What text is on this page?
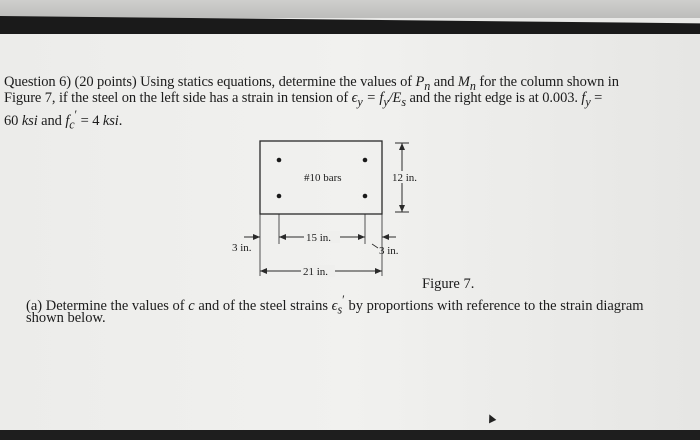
Question 6) (20 points) Using statics equations, determine the values of $P_n$ and $M_n$ for the column shown in
Figure 7, if the steel on the left side has a strain in tension of $\epsilon_y = f_y/E_s$ and the right edge is at 0.003. $f_y$ =
60 ksi and $f_c' = 4$ ksi.
#10 bars	12 in.
15 in.
3 in.	3 in.
21 in.
Figure 7.
(a) Determine the values of c and of the steel strains $\epsilon_s'$ by proportions with reference to the strain diagram
shown below.
